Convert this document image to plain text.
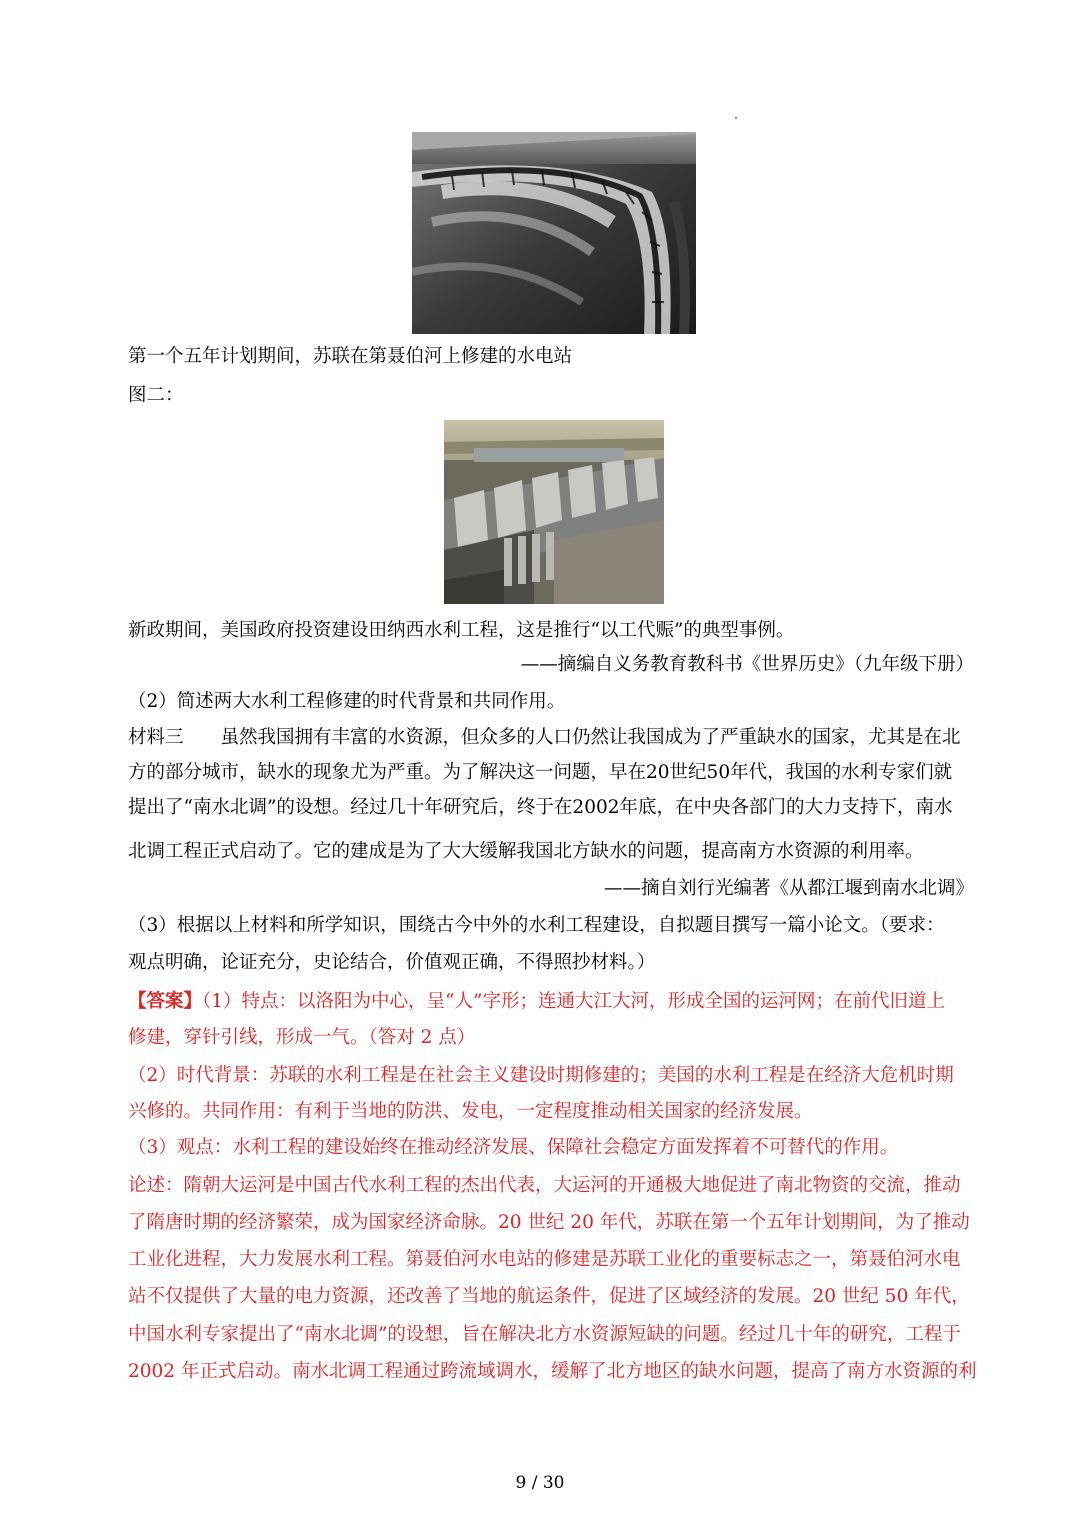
第一个五年计划期间，苏联在第聂伯河上修建的水电站
图二：
新政期间，美国政府投资建设田纳西水利工程，这是推行“以工代赈”的典型事例。
——摘编自义务教育教科书《世界历史》（九年级下册）
（2）简述两大水利工程修建的时代背景和共同作用。
材料三　　虽然我国拥有丰富的水资源，但众多的人口仍然让我国成为了严重缺水的国家，尤其是在北
方的部分城市，缺水的现象尤为严重。为了解决这一问题，早在20世纪50年代，我国的水利专家们就
提出了“南水北调”的设想。经过几十年研究后，终于在2002年底，在中央各部门的大力支持下，南水
北调工程正式启动了。它的建成是为了大大缓解我国北方缺水的问题，提高南方水资源的利用率。
——摘自刘行光编著《从都江堰到南水北调》
（3）根据以上材料和所学知识，围绕古今中外的水利工程建设，自拟题目撰写一篇小论文。（要求：
观点明确，论证充分，史论结合，价值观正确，不得照抄材料。）
【答案】（1）特点：以洛阳为中心，呈“人”字形；连通大江大河，形成全国的运河网；在前代旧道上
修建，穿针引线，形成一气。（答对 2 点）
（2）时代背景：苏联的水利工程是在社会主义建设时期修建的；美国的水利工程是在经济大危机时期
兴修的。共同作用：有利于当地的防洪、发电，一定程度推动相关国家的经济发展。
（3）观点：水利工程的建设始终在推动经济发展、保障社会稳定方面发挥着不可替代的作用。
论述：隋朝大运河是中国古代水利工程的杰出代表，大运河的开通极大地促进了南北物资的交流，推动
了隋唐时期的经济繁荣，成为国家经济命脉。20 世纪 20 年代，苏联在第一个五年计划期间，为了推动
工业化进程，大力发展水利工程。第聂伯河水电站的修建是苏联工业化的重要标志之一，第聂伯河水电
站不仅提供了大量的电力资源，还改善了当地的航运条件，促进了区域经济的发展。20 世纪 50 年代，
中国水利专家提出了“南水北调”的设想，旨在解决北方水资源短缺的问题。经过几十年的研究，工程于
2002 年正式启动。南水北调工程通过跨流域调水，缓解了北方地区的缺水问题，提高了南方水资源的利
9 / 30
